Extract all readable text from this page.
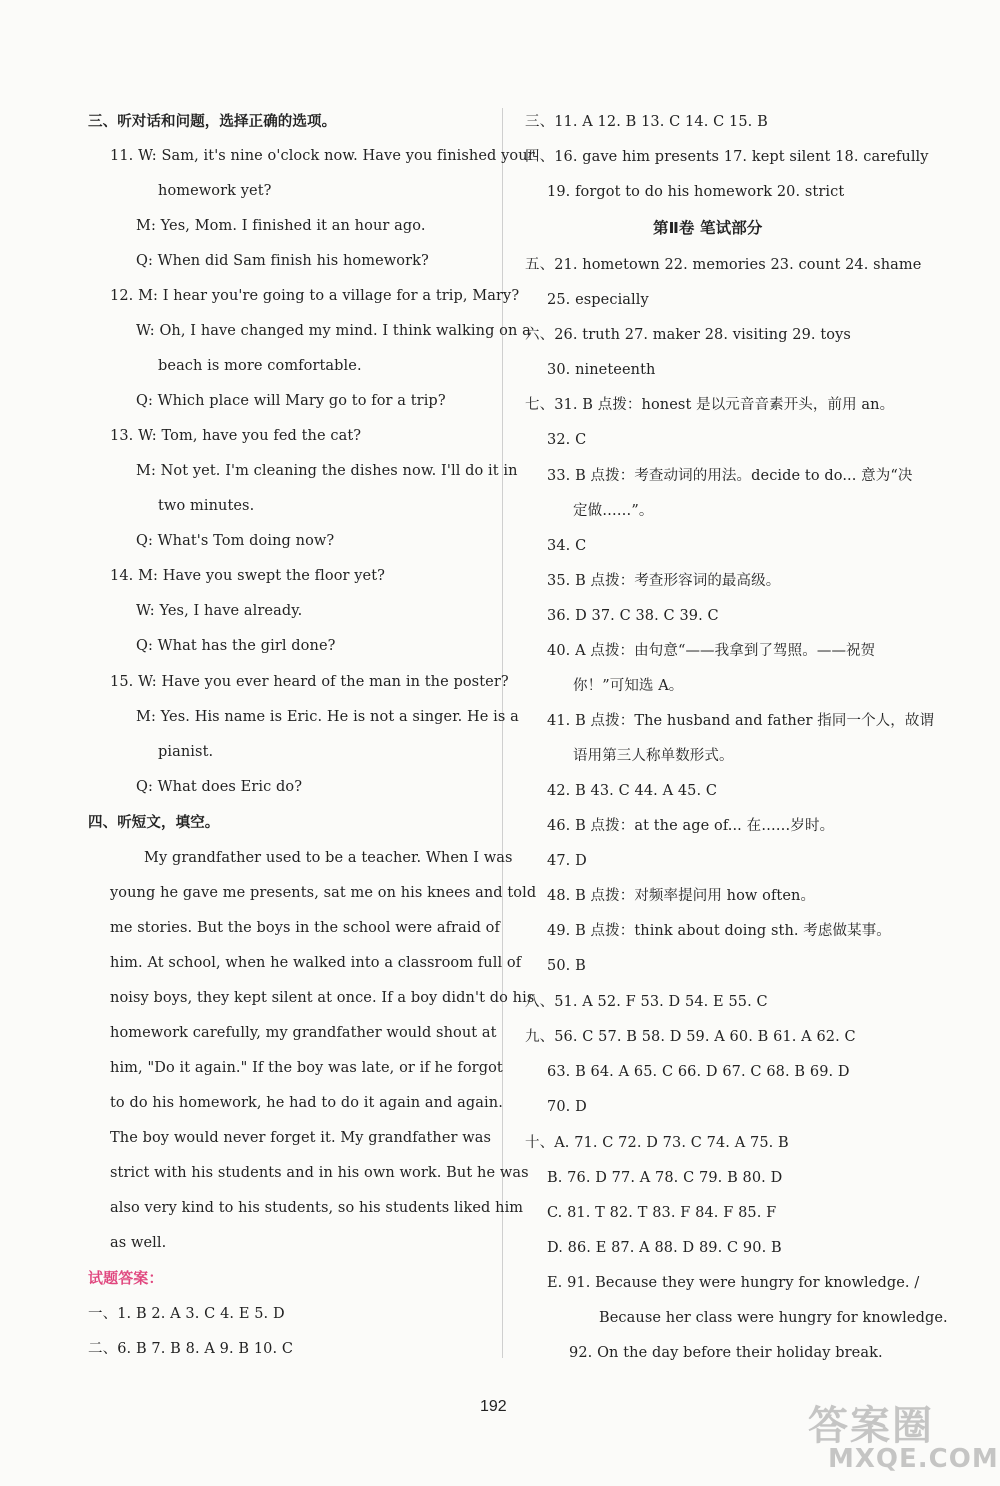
三、听对话和问题，选择正确的选项。
11. W: Sam, it's nine o'clock now. Have you finished your
homework yet?
M: Yes, Mom. I finished it an hour ago.
Q: When did Sam finish his homework?
12. M: I hear you're going to a village for a trip, Mary?
W: Oh, I have changed my mind. I think walking on a
beach is more comfortable.
Q: Which place will Mary go to for a trip?
13. W: Tom, have you fed the cat?
M: Not yet. I'm cleaning the dishes now. I'll do it in
two minutes.
Q: What's Tom doing now?
14. M: Have you swept the floor yet?
W: Yes, I have already.
Q: What has the girl done?
15. W: Have you ever heard of the man in the poster?
M: Yes. His name is Eric. He is not a singer. He is a
pianist.
Q: What does Eric do?
四、听短文，填空。
My grandfather used to be a teacher. When I was
young he gave me presents, sat me on his knees and told
me stories. But the boys in the school were afraid of
him. At school, when he walked into a classroom full of
noisy boys, they kept silent at once. If a boy didn't do his
homework carefully, my grandfather would shout at
him, "Do it again." If the boy was late, or if he forgot
to do his homework, he had to do it again and again.
The boy would never forget it. My grandfather was
strict with his students and in his own work. But he was
also very kind to his students, so his students liked him
as well.
试题答案：
一、1. B 2. A 3. C 4. E 5. D
二、6. B 7. B 8. A 9. B 10. C
三、11. A 12. B 13. C 14. C 15. B
四、16. gave him presents 17. kept silent 18. carefully
19. forgot to do his homework 20. strict
第Ⅱ卷 笔试部分
五、21. hometown 22. memories 23. count 24. shame
25. especially
六、26. truth 27. maker 28. visiting 29. toys
30. nineteenth
七、31. B 点拨：honest 是以元音音素开头，前用 an。
32. C
33. B 点拨：考查动词的用法。decide to do... 意为“决
定做……”。
34. C
35. B 点拨：考查形容词的最高级。
36. D 37. C 38. C 39. C
40. A 点拨：由句意“——我拿到了驾照。——祝贺
你！”可知选 A。
41. B 点拨：The husband and father 指同一个人，故谓
语用第三人称单数形式。
42. B 43. C 44. A 45. C
46. B 点拨：at the age of... 在……岁时。
47. D
48. B 点拨：对频率提问用 how often。
49. B 点拨：think about doing sth. 考虑做某事。
50. B
八、51. A 52. F 53. D 54. E 55. C
九、56. C 57. B 58. D 59. A 60. B 61. A 62. C
63. B 64. A 65. C 66. D 67. C 68. B 69. D
70. D
十、A. 71. C 72. D 73. C 74. A 75. B
B. 76. D 77. A 78. C 79. B 80. D
C. 81. T 82. T 83. F 84. F 85. F
D. 86. E 87. A 88. D 89. C 90. B
E. 91. Because they were hungry for knowledge. /
Because her class were hungry for knowledge.
92. On the day before their holiday break.
192	答案圈
MXQE.COM
